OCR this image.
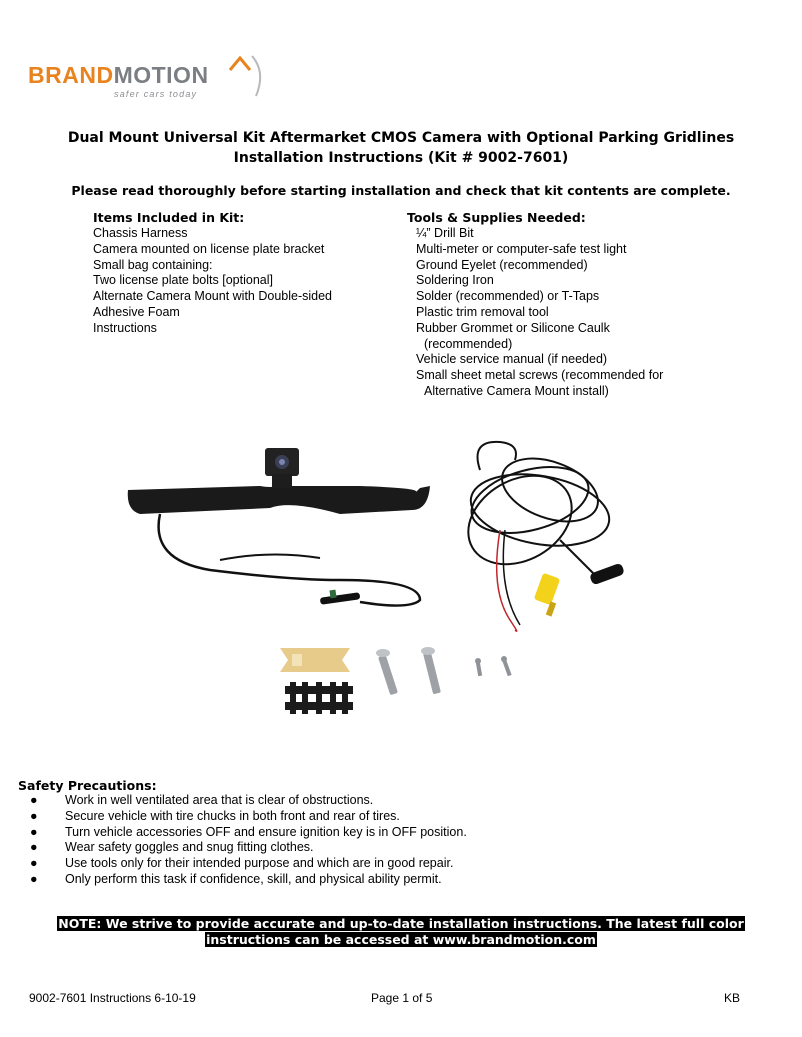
BRANDMOTION
safer cars today
Dual Mount Universal Kit Aftermarket CMOS Camera with Optional Parking Gridlines
Installation Instructions (Kit # 9002-7601)
Please read thoroughly before starting installation and check that kit contents are complete.
Items Included in Kit:
Chassis Harness
Camera mounted on license plate bracket
Small bag containing:
Two license plate bolts [optional]
Alternate Camera Mount with Double-sided
Adhesive Foam
Instructions
Tools & Supplies Needed:
¼” Drill Bit
Multi-meter or computer-safe test light
Ground Eyelet (recommended)
Soldering Iron
Solder (recommended) or T-Taps
Plastic trim removal tool
Rubber Grommet or Silicone Caulk
(recommended)
Vehicle service manual (if needed)
Small sheet metal screws (recommended for
Alternative Camera Mount install)
Safety Precautions:
● Work in well ventilated area that is clear of obstructions.
● Secure vehicle with tire chucks in both front and rear of tires.
● Turn vehicle accessories OFF and ensure ignition key is in OFF position.
● Wear safety goggles and snug fitting clothes.
● Use tools only for their intended purpose and which are in good repair.
● Only perform this task if confidence, skill, and physical ability permit.
NOTE: We strive to provide accurate and up-to-date installation instructions. The latest full color
instructions can be accessed at www.brandmotion.com
9002-7601 Instructions 6-10-19	Page 1 of 5	KB
